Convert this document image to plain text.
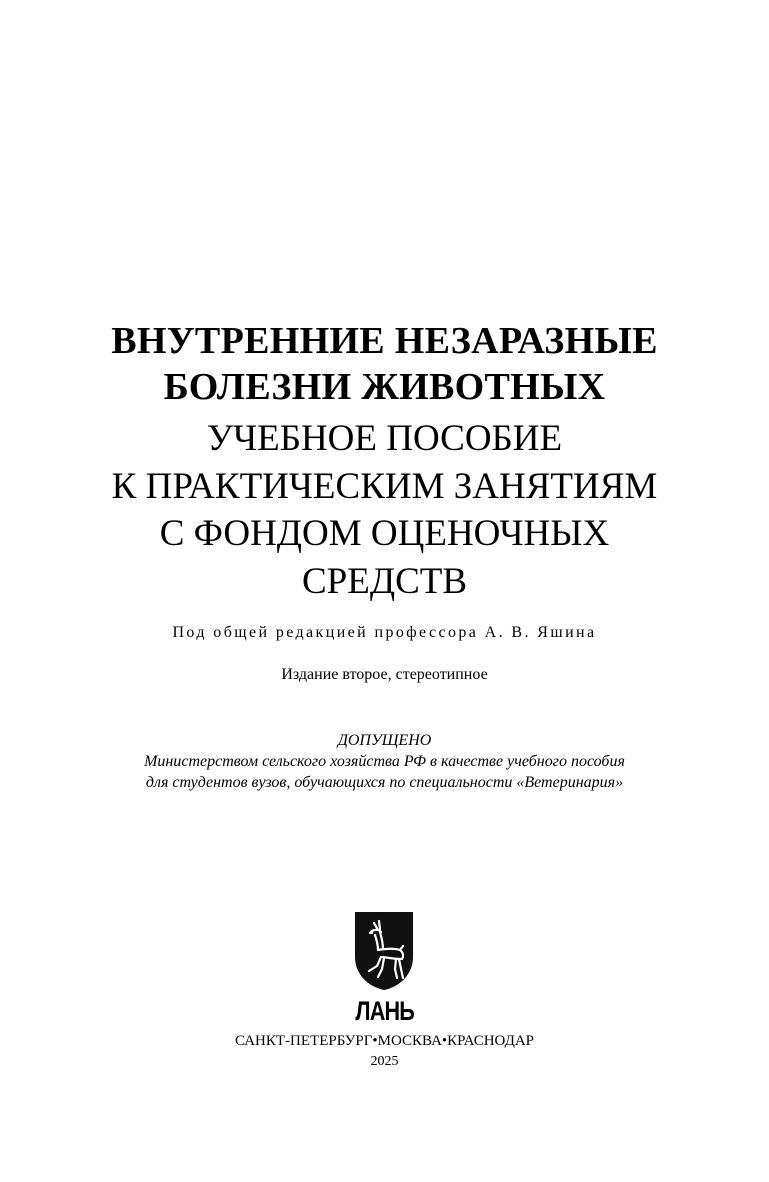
ВНУТРЕННИЕ НЕЗАРАЗНЫЕ

БОЛЕЗНИ ЖИВОТНЫХ

УЧЕБНОЕ ПОСОБИЕ

К ПРАКТИЧЕСКИМ ЗАНЯТИЯМ

С ФОНДОМ ОЦЕНОЧНЫХ

СРЕДСТВ

Под общей редакцией профессора А. В. Яшина

Издание второе, стереотипное

ДОПУЩЕНО

Министерством сельского хозяйства РФ в качестве учебного пособия

для студентов вузов, обучающихся по специальности «Ветеринария»

ЛАНЬ

САНКТ-ПЕТЕРБУРГ•МОСКВА•КРАСНОДАР

2025
